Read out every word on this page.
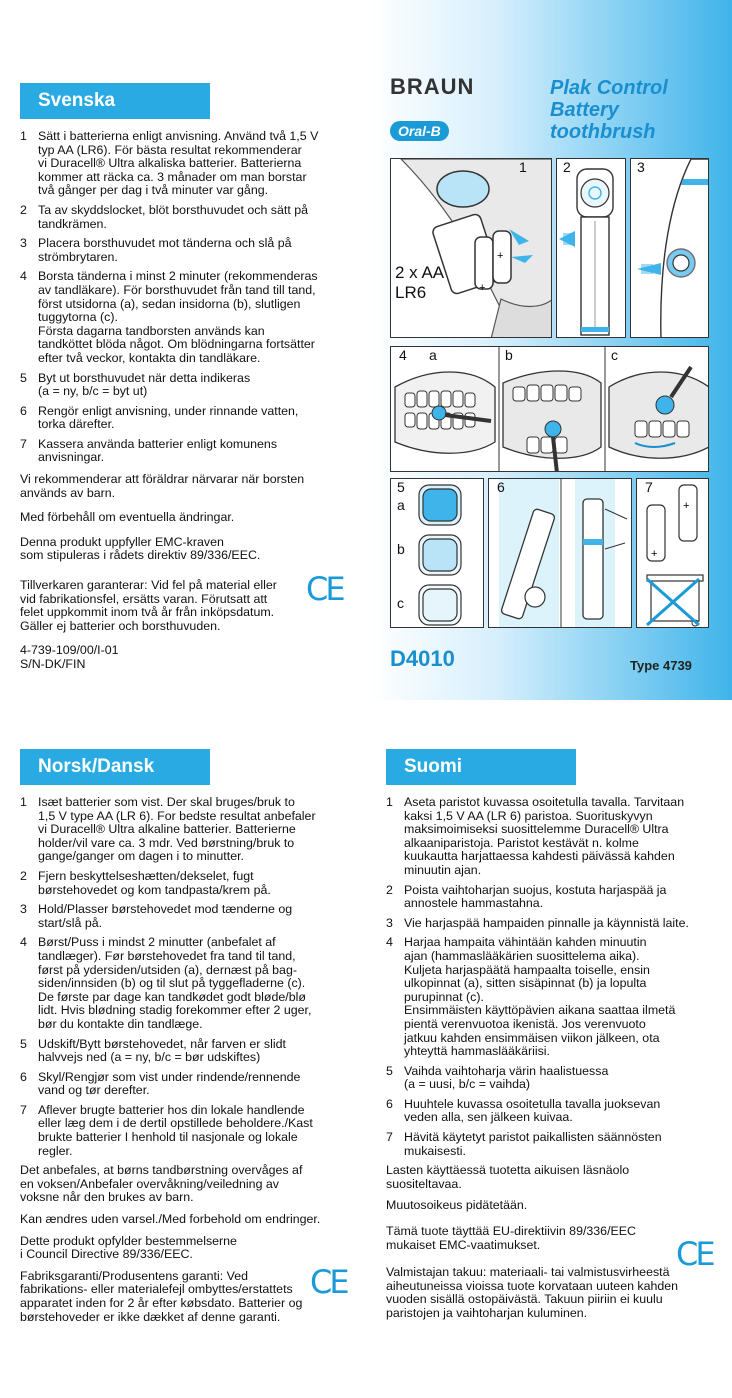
Svenska
1 Sätt i batterierna enligt anvisning. Använd två 1,5 V
typ AA (LR6). För bästa resultat rekommenderar
vi Duracell® Ultra alkaliska batterier. Batterierna
kommer att räcka ca. 3 månader om man borstar
två gånger per dag i två minuter var gång.
2 Ta av skyddslocket, blöt borsthuvudet och sätt på
tandkrämen.
3 Placera borsthuvudet mot tänderna och slå på
strömbrytaren.
4 Borsta tänderna i minst 2 minuter (rekommenderas
av tandläkare). För borsthuvudet från tand till tand,
först utsidorna (a), sedan insidorna (b), slutligen
tuggytorna (c).
Första dagarna tandborsten används kan
tandköttet blöda något. Om blödningarna fortsätter
efter två veckor, kontakta din tandläkare.
5 Byt ut borsthuvudet när detta indikeras
(a = ny, b/c = byt ut)
6 Rengör enligt anvisning, under rinnande vatten,
torka därefter.
7 Kassera använda batterier enligt komunens
anvisningar.

Vi rekommenderar att föräldrar närvarar när borsten
används av barn.

Med förbehåll om eventuella ändringar.

Denna produkt uppfyller EMC-kraven
som stipuleras i rådets direktiv 89/336/EEC.

Tillverkaren garanterar: Vid fel på material eller
vid fabrikationsfel, ersätts varan. Förutsatt att
felet uppkommit inom två år från inköpsdatum.
Gäller ej batterier och borsthuvuden.

4-739-109/00/I-01
S/N-DK/FIN

CE
BRAUN
Oral-B
Plak Control
Battery
toothbrush
+
+
1
2 x AA
LR6
2	3
4 a	b	c
5
a
b
c
6
+
+
7
D4010	Type 4739
Norsk/Dansk
1 Isæt batterier som vist. Der skal bruges/bruk to
1,5 V type AA (LR 6). For bedste resultat anbefaler
vi Duracell® Ultra alkaline batterier. Batterierne
holder/vil vare ca. 3 mdr. Ved børstning/bruk to
gange/ganger om dagen i to minutter.
2 Fjern beskyttelseshætten/dekselet, fugt
børstehovedet og kom tandpasta/krem på.
3 Hold/Plasser børstehovedet mod tænderne og
start/slå på.
4 Børst/Puss i mindst 2 minutter (anbefalet af
tandlæger). Før børstehovedet fra tand til tand,
først på ydersiden/utsiden (a), dernæst på bag-
siden/innsiden (b) og til slut på tyggefladerne (c).
De første par dage kan tandkødet godt bløde/blø
lidt. Hvis blødning stadig forekommer efter 2 uger,
bør du kontakte din tandlæge.
5 Udskift/Bytt børstehovedet, når farven er slidt
halvvejs ned (a = ny, b/c = bør udskiftes)
6 Skyl/Rengjør som vist under rindende/rennende
vand og tør derefter.
7 Aflever brugte batterier hos din lokale handlende
eller læg dem i de dertil opstillede beholdere./Kast
brukte batterier I henhold til nasjonale og lokale
regler.

Det anbefales, at børns tandbørstning overvåges af
en voksen/Anbefaler overvåkning/veiledning av
voksne når den brukes av barn.

Kan ændres uden varsel./Med forbehold om endringer.

Dette produkt opfylder bestemmelserne
i Council Directive 89/336/EEC.

Fabriksgaranti/Produsentens garanti: Ved
fabrikations- eller materialefejl ombyttes/erstattets
apparatet inden for 2 år efter købsdato. Batterier og
børstehoveder er ikke dækket af denne garanti.

CE
Suomi
1 Aseta paristot kuvassa osoitetulla tavalla. Tarvitaan
kaksi 1,5 V AA (LR 6) paristoa. Suorituskyvyn
maksimoimiseksi suosittelemme Duracell® Ultra
alkaaniparistoja. Paristot kestävät n. kolme
kuukautta harjattaessa kahdesti päivässä kahden
minuutin ajan.
2 Poista vaihtoharjan suojus, kostuta harjaspää ja
annostele hammastahna.
3 Vie harjaspää hampaiden pinnalle ja käynnistä laite.
4 Harjaa hampaita vähintään kahden minuutin
ajan (hammaslääkärien suosittelema aika).
Kuljeta harjaspäätä hampaalta toiselle, ensin
ulkopinnat (a), sitten sisäpinnat (b) ja lopulta
purupinnat (c).
Ensimmäisten käyttöpävien aikana saattaa ilmetä
pientä verenvuotoa ikenistä. Jos verenvuoto
jatkuu kahden ensimmäisen viikon jälkeen, ota
yhteyttä hammaslääkäriisi.
5 Vaihda vaihtoharja värin haalistuessa
(a = uusi, b/c = vaihda)
6 Huuhtele kuvassa osoitetulla tavalla juoksevan
veden alla, sen jälkeen kuivaa.
7 Hävitä käytetyt paristot paikallisten säännösten
mukaisesti.

Lasten käyttäessä tuotetta aikuisen läsnäolo
suositeltavaa.

Muutosoikeus pidätetään.

Tämä tuote täyttää EU-direktiivin 89/336/EEC
mukaiset EMC-vaatimukset.

Valmistajan takuu: materiaali- tai valmistusvirheestä
aiheutuneissa vioissa tuote korvataan uuteen kahden
vuoden sisällä ostopäivästä. Takuun piiriin ei kuulu
paristojen ja vaihtoharjan kuluminen.

CE
